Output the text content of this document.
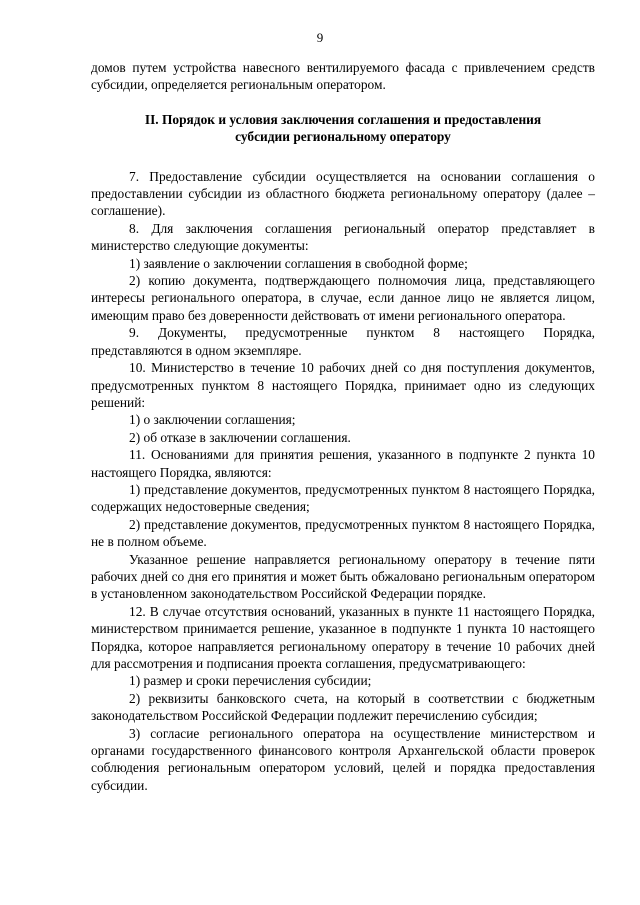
9

домов путем устройства навесного вентилируемого фасада с привлечением средств субсидии, определяется региональным оператором.

II. Порядок и условия заключения соглашения и предоставления

субсидии региональному оператору

7. Предоставление субсидии осуществляется на основании соглашения о предоставлении субсидии из областного бюджета региональному оператору (далее – соглашение).

8. Для заключения соглашения региональный оператор представляет в министерство следующие документы:

1) заявление о заключении соглашения в свободной форме;

2) копию документа, подтверждающего полномочия лица, представляющего интересы регионального оператора, в случае, если данное лицо не является лицом, имеющим право без доверенности действовать от имени регионального оператора.

9. Документы, предусмотренные пунктом 8 настоящего Порядка, представляются в одном экземпляре.

10. Министерство в течение 10 рабочих дней со дня поступления документов, предусмотренных пунктом 8 настоящего Порядка, принимает одно из следующих решений:

1) о заключении соглашения;

2) об отказе в заключении соглашения.

11. Основаниями для принятия решения, указанного в подпункте 2 пункта 10 настоящего Порядка, являются:

1) представление документов, предусмотренных пунктом 8 настоящего Порядка, содержащих недостоверные сведения;

2) представление документов, предусмотренных пунктом 8 настоящего Порядка, не в полном объеме.

Указанное решение направляется региональному оператору в течение пяти рабочих дней со дня его принятия и может быть обжаловано региональным оператором в установленном законодательством Российской Федерации порядке.

12. В случае отсутствия оснований, указанных в пункте 11 настоящего Порядка, министерством принимается решение, указанное в подпункте 1 пункта 10 настоящего Порядка, которое направляется региональному оператору в течение 10 рабочих дней для рассмотрения и подписания проекта соглашения, предусматривающего:

1) размер и сроки перечисления субсидии;

2) реквизиты банковского счета, на который в соответствии с бюджетным законодательством Российской Федерации подлежит перечислению субсидия;

3) согласие регионального оператора на осуществление министерством и органами государственного финансового контроля Архангельской области проверок соблюдения региональным оператором условий, целей и порядка предоставления субсидии.
